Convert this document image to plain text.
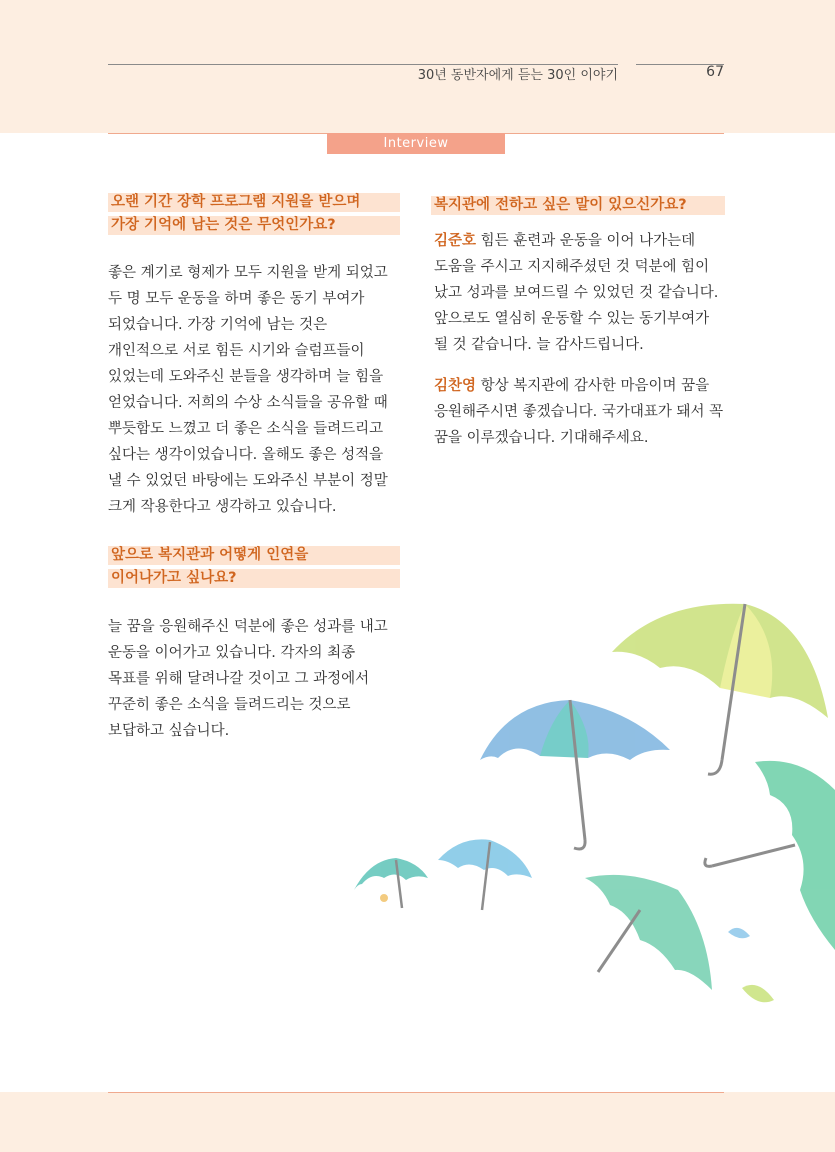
30년 동반자에게 듣는 30인 이야기	67
Interview
오랜 기간 장학 프로그램 지원을 받으며
가장 기억에 남는 것은 무엇인가요?

좋은 계기로 형제가 모두 지원을 받게 되었고 두 명 모두 운동을 하며 좋은 동기 부여가 되었습니다. 가장 기억에 남는 것은 개인적으로 서로 힘든 시기와 슬럼프들이 있었는데 도와주신 분들을 생각하며 늘 힘을 얻었습니다. 저희의 수상 소식들을 공유할 때 뿌듯함도 느꼈고 더 좋은 소식을 들려드리고 싶다는 생각이었습니다. 올해도 좋은 성적을 낼 수 있었던 바탕에는 도와주신 부분이 정말 크게 작용한다고 생각하고 있습니다.

앞으로 복지관과 어떻게 인연을
이어나가고 싶나요?

늘 꿈을 응원해주신 덕분에 좋은 성과를 내고 운동을 이어가고 있습니다. 각자의 최종 목표를 위해 달려나갈 것이고 그 과정에서 꾸준히 좋은 소식을 들려드리는 것으로 보답하고 싶습니다.

복지관에 전하고 싶은 말이 있으신가요?

김준호 힘든 훈련과 운동을 이어 나가는데 도움을 주시고 지지해주셨던 것 덕분에 힘이 났고 성과를 보여드릴 수 있었던 것 같습니다. 앞으로도 열심히 운동할 수 있는 동기부여가 될 것 같습니다. 늘 감사드립니다.

김찬영 항상 복지관에 감사한 마음이며 꿈을 응원해주시면 좋겠습니다. 국가대표가 돼서 꼭 꿈을 이루겠습니다. 기대해주세요.
